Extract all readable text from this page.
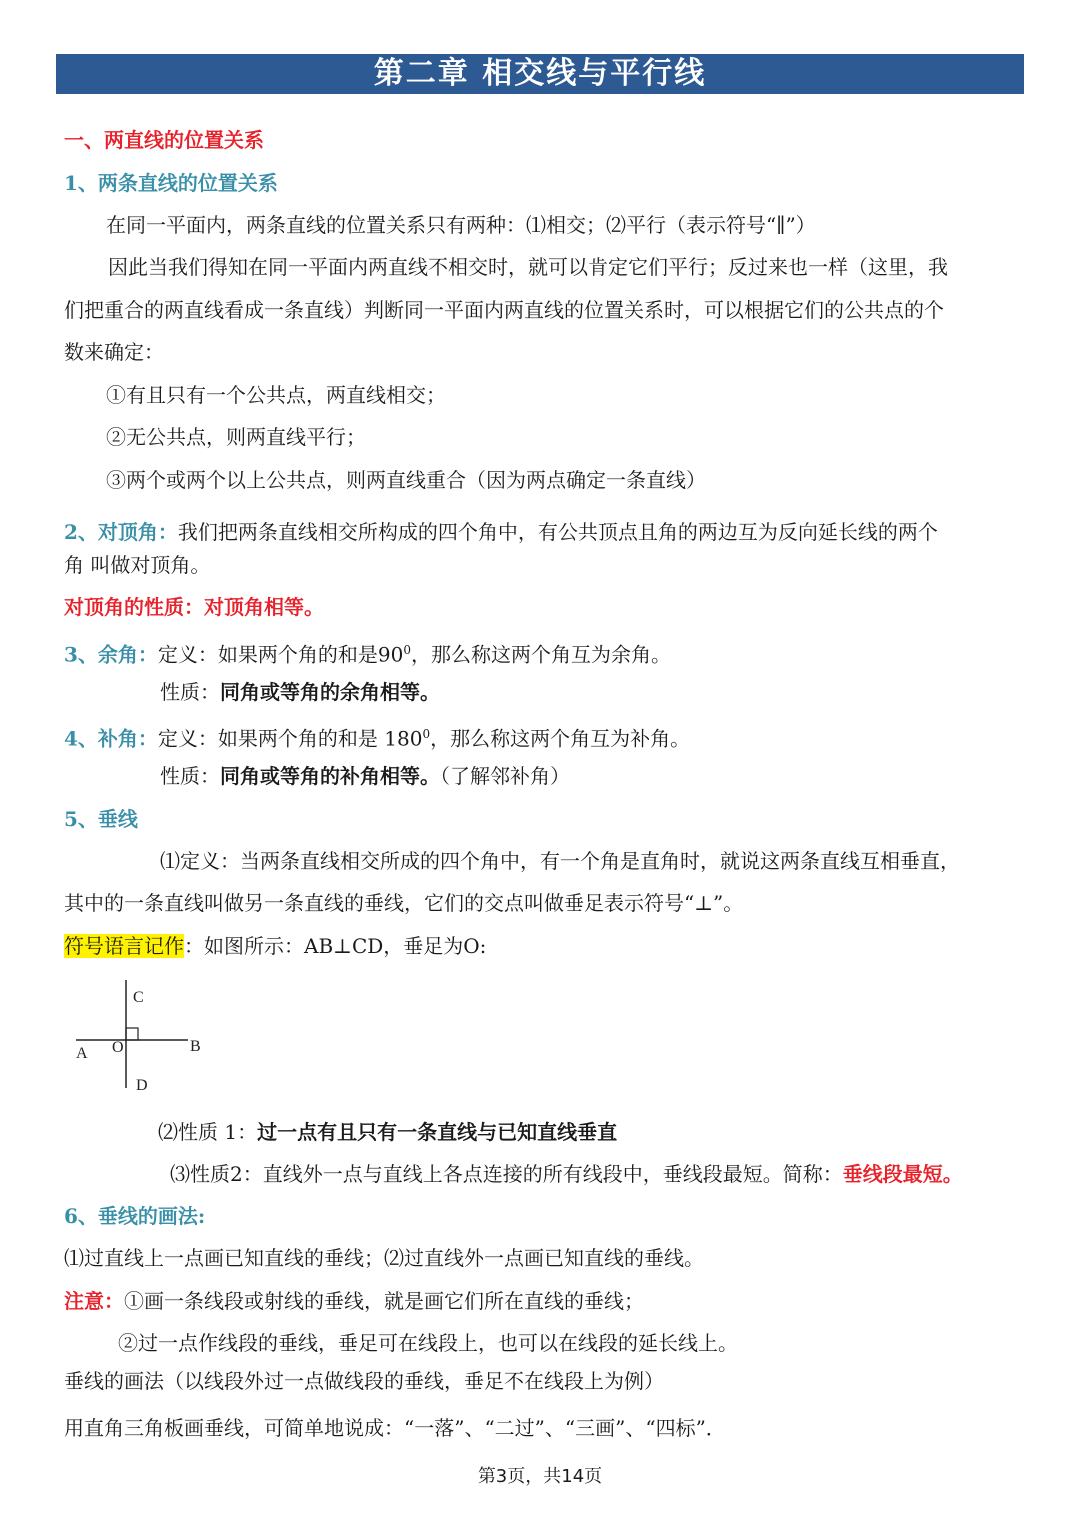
第二章 相交线与平行线
一、两直线的位置关系
1、两条直线的位置关系
在同一平面内，两条直线的位置关系只有两种：⑴相交；⑵平行（表示符号“∥”）
因此当我们得知在同一平面内两直线不相交时，就可以肯定它们平行；反过来也一样（这里，我
们把重合的两直线看成一条直线）判断同一平面内两直线的位置关系时，可以根据它们的公共点的个
数来确定：
①有且只有一个公共点，两直线相交；
②无公共点，则两直线平行；
③两个或两个以上公共点，则两直线重合（因为两点确定一条直线）
2、对顶角：我们把两条直线相交所构成的四个角中，有公共顶点且角的两边互为反向延长线的两个
角 叫做对顶角。
对顶角的性质：对顶角相等。
3、余角：定义：如果两个角的和是$90^0$，那么称这两个角互为余角。
性质：同角或等角的余角相等。
4、补角：定义：如果两个角的和是 $180^0$，那么称这两个角互为补角。
性质：同角或等角的补角相等。（了解邻补角）
5、垂线
⑴定义：当两条直线相交所成的四个角中，有一个角是直角时，就说这两条直线互相垂直，
其中的一条直线叫做另一条直线的垂线，它们的交点叫做垂足表示符号“⊥”。
符号语言记作：如图所示：AB⊥CD，垂足为O:
C
A O	B
D
⑵性质 1：过一点有且只有一条直线与已知直线垂直
⑶性质2：直线外一点与直线上各点连接的所有线段中，垂线段最短。简称：垂线段最短。
6、垂线的画法:
⑴过直线上一点画已知直线的垂线；⑵过直线外一点画已知直线的垂线。
注意：①画一条线段或射线的垂线，就是画它们所在直线的垂线；
②过一点作线段的垂线，垂足可在线段上，也可以在线段的延长线上。
垂线的画法（以线段外过一点做线段的垂线，垂足不在线段上为例）
用直角三角板画垂线，可简单地说成：“一落”、“二过”、“三画”、“四标”．
第3页，共14页
